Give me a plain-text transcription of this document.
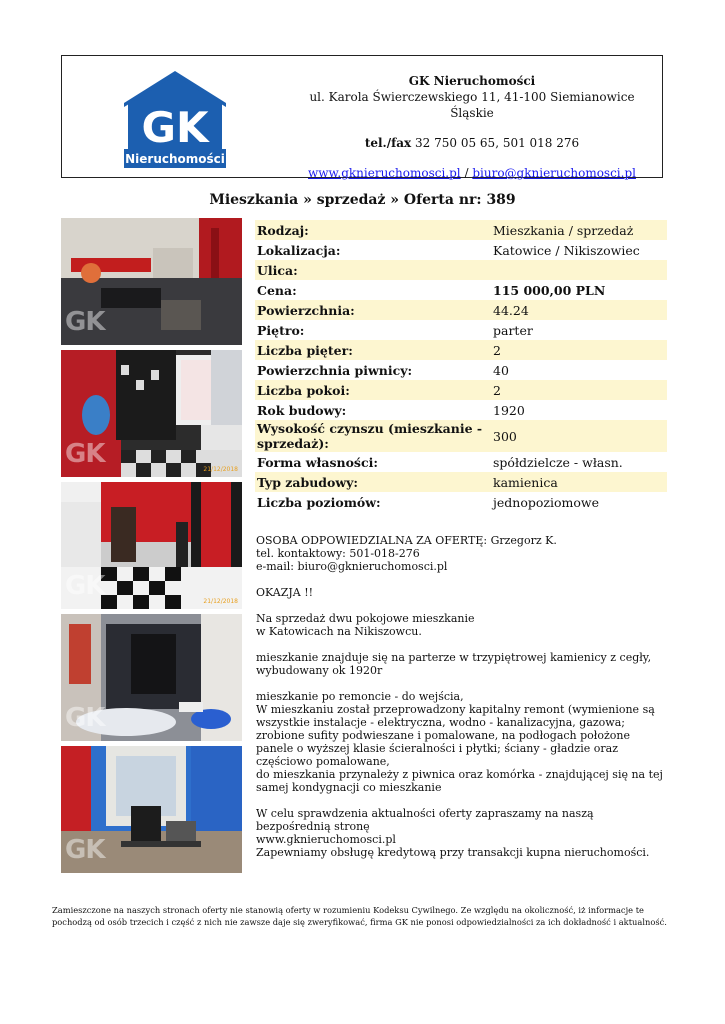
GK
Nieruchomości
GK Nieruchomości
ul. Karola Świerczewskiego 11, 41-100 Siemianowice Śląskie
tel./fax 32 750 05 65, 501 018 276
www.gknieruchomosci.pl / biuro@gknieruchomosci.pl
Mieszkania » sprzedaż » Oferta nr: 389
GK
GK
21/12/2018
GK
21/12/2018
GK
GK
Rodzaj:	Mieszkania / sprzedaż
Lokalizacja:	Katowice / Nikiszowiec
Ulica:	
Cena:	115 000,00 PLN
Powierzchnia:	44.24
Piętro:	parter
Liczba pięter:	2
Powierzchnia piwnicy:	40
Liczba pokoi:	2
Rok budowy:	1920
Wysokość czynszu (mieszkanie - sprzedaż):	300
Forma własności:	spółdzielcze - własn.
Typ zabudowy:	kamienica
Liczba poziomów:	jednopoziomowe

OSOBA ODPOWIEDZIALNA ZA OFERTĘ: Grzegorz K.
tel. kontaktowy: 501-018-276
e-mail: biuro@gknieruchomosci.pl

OKAZJA !!

Na sprzedaż dwu pokojowe mieszkanie
w Katowicach na Nikiszowcu.

mieszkanie znajduje się na parterze w trzypiętrowej kamienicy z cegły, wybudowany ok 1920r

mieszkanie po remoncie - do wejścia,
W mieszkaniu został przeprowadzony kapitalny remont (wymienione są wszystkie instalacje - elektryczna, wodno - kanalizacyjna, gazowa; zrobione sufity podwieszane i pomalowane, na podłogach położone panele o wyższej klasie ścieralności i płytki; ściany - gładzie oraz częściowo pomalowane,
do mieszkania przynależy z piwnica oraz komórka - znajdującej się na tej samej kondygnacji co mieszkanie

W celu sprawdzenia aktualności oferty zapraszamy na naszą bezpośrednią stronę
www.gknieruchomosci.pl
Zapewniamy obsługę kredytową przy transakcji kupna nieruchomości.

Zamieszczone na naszych stronach oferty nie stanowią oferty w rozumieniu Kodeksu Cywilnego. Ze względu na okoliczność, iż informacje te pochodzą od osób trzecich i część z nich nie zawsze daje się zweryfikować, firma GK nie ponosi odpowiedzialności za ich dokładność i aktualność.
